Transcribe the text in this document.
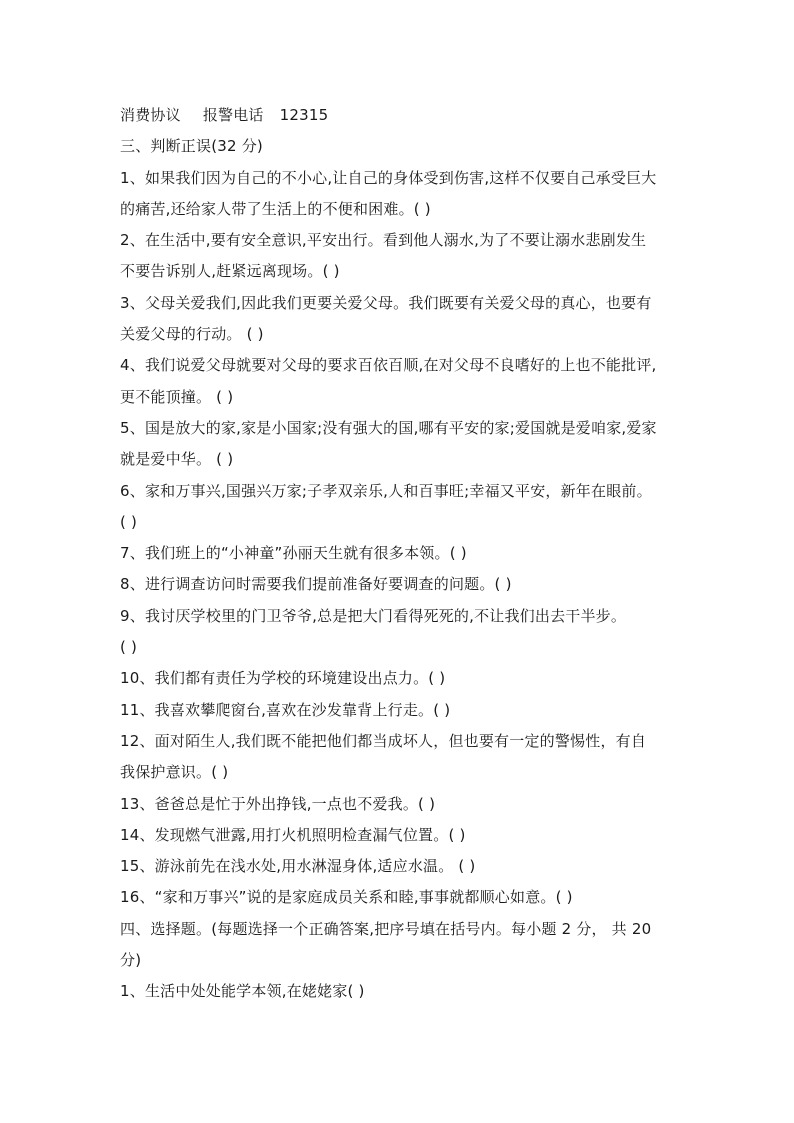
消费协议 报警电话 12315
三、判断正误(32 分)
1、如果我们因为自己的不小心,让自己的身体受到伤害,这样不仅要自己承受巨大
的痛苦,还给家人带了生活上的不便和困难。( )
2、在生活中,要有安全意识,平安出行。看到他人溺水,为了不要让溺水悲剧发生
不要告诉别人,赶紧远离现场。( )
3、父母关爱我们,因此我们更要关爱父母。我们既要有关爱父母的真心，也要有
关爱父母的行动。 ( )
4、我们说爱父母就要对父母的要求百依百顺,在对父母不良嗜好的上也不能批评,
更不能顶撞。 ( )
5、国是放大的家,家是小国家;没有强大的国,哪有平安的家;爱国就是爱咱家,爱家
就是爱中华。 ( )
6、家和万事兴,国强兴万家;子孝双亲乐,人和百事旺;幸福又平安，新年在眼前。
( )
7、我们班上的“小神童”孙丽天生就有很多本领。( )
8、进行调查访问时需要我们提前准备好要调查的问题。( )
9、我讨厌学校里的门卫爷爷,总是把大门看得死死的,不让我们出去干半步。
( )
10、我们都有责任为学校的环境建设出点力。( )
11、我喜欢攀爬窗台,喜欢在沙发靠背上行走。( )
12、面对陌生人,我们既不能把他们都当成坏人，但也要有一定的警惕性，有自
我保护意识。( )
13、爸爸总是忙于外出挣钱,一点也不爱我。( )
14、发现燃气泄露,用打火机照明检查漏气位置。( )
15、游泳前先在浅水处,用水淋湿身体,适应水温。 ( )
16、“家和万事兴”说的是家庭成员关系和睦,事事就都顺心如意。( )
四、选择题。(每题选择一个正确答案,把序号填在括号内。每小题 2 分， 共 20
分)
1、生活中处处能学本领,在姥姥家( )
